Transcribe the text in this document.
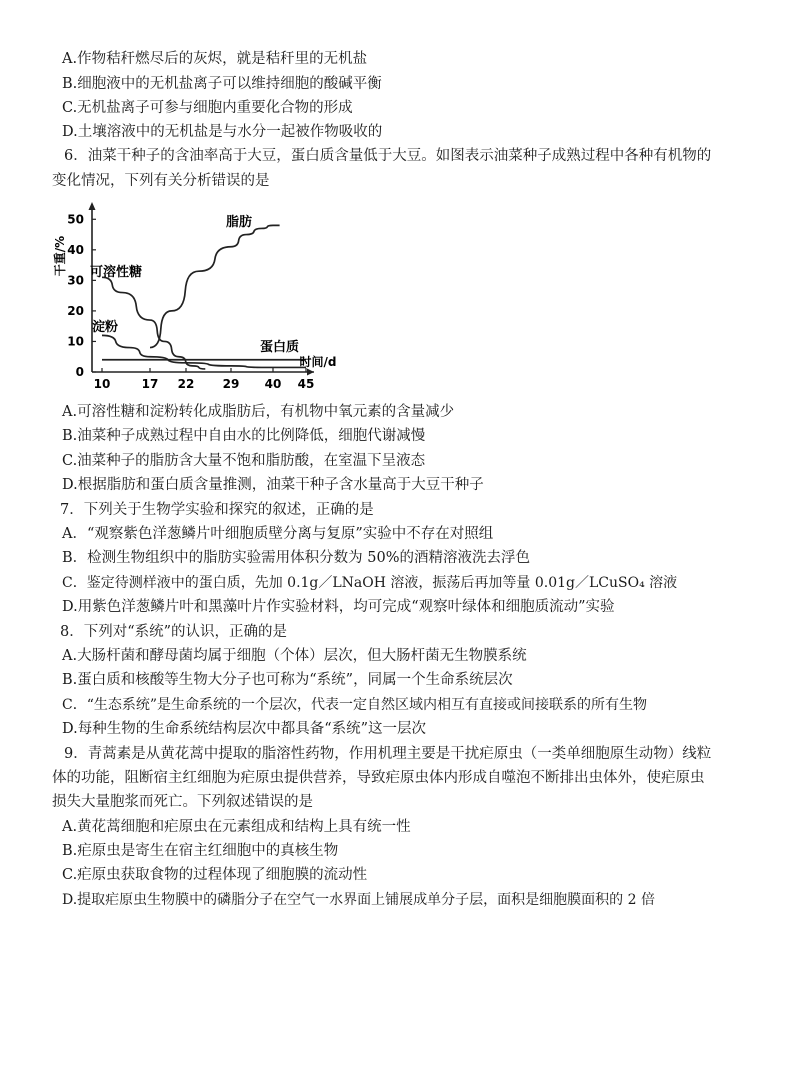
A.作物秸秆燃尽后的灰烬，就是秸秆里的无机盐
B.细胞液中的无机盐离子可以维持细胞的酸碱平衡
C.无机盐离子可参与细胞内重要化合物的形成
D.土壤溶液中的无机盐是与水分一起被作物吸收的
6．油菜干种子的含油率高于大豆，蛋白质含量低于大豆。如图表示油菜种子成熟过程中各种有机物的
变化情况，下列有关分析错误的是
0
10
20
30
40
50
10	17 22 29 40 45
干重/%
时间/d
脂肪
可溶性糖
淀粉
蛋白质
A.可溶性糖和淀粉转化成脂肪后，有机物中氧元素的含量减少
B.油菜种子成熟过程中自由水的比例降低，细胞代谢减慢
C.油菜种子的脂肪含大量不饱和脂肪酸，在室温下呈液态
D.根据脂肪和蛋白质含量推测，油菜干种子含水量高于大豆干种子
7．下列关于生物学实验和探究的叙述，正确的是
A．“观察紫色洋葱鳞片叶细胞质壁分离与复原”实验中不存在对照组
B．检测生物组织中的脂肪实验需用体积分数为 50%的酒精溶液洗去浮色
C．鉴定待测样液中的蛋白质，先加 0.1g／LNaOH 溶液，振荡后再加等量 0.01g／LCuSO₄ 溶液
D.用紫色洋葱鳞片叶和黑藻叶片作实验材料，均可完成“观察叶绿体和细胞质流动”实验
8．下列对“系统”的认识，正确的是
A.大肠杆菌和酵母菌均属于细胞（个体）层次，但大肠杆菌无生物膜系统
B.蛋白质和核酸等生物大分子也可称为“系统”，同属一个生命系统层次
C．“生态系统”是生命系统的一个层次，代表一定自然区域内相互有直接或间接联系的所有生物
D.每种生物的生命系统结构层次中都具备“系统”这一层次
9．青蒿素是从黄花蒿中提取的脂溶性药物，作用机理主要是干扰疟原虫（一类单细胞原生动物）线粒
体的功能，阻断宿主红细胞为疟原虫提供营养，导致疟原虫体内形成自噬泡不断排出虫体外，使疟原虫
损失大量胞浆而死亡。下列叙述错误的是
A.黄花蒿细胞和疟原虫在元素组成和结构上具有统一性
B.疟原虫是寄生在宿主红细胞中的真核生物
C.疟原虫获取食物的过程体现了细胞膜的流动性
D.提取疟原虫生物膜中的磷脂分子在空气一水界面上铺展成单分子层，面积是细胞膜面积的 2 倍
